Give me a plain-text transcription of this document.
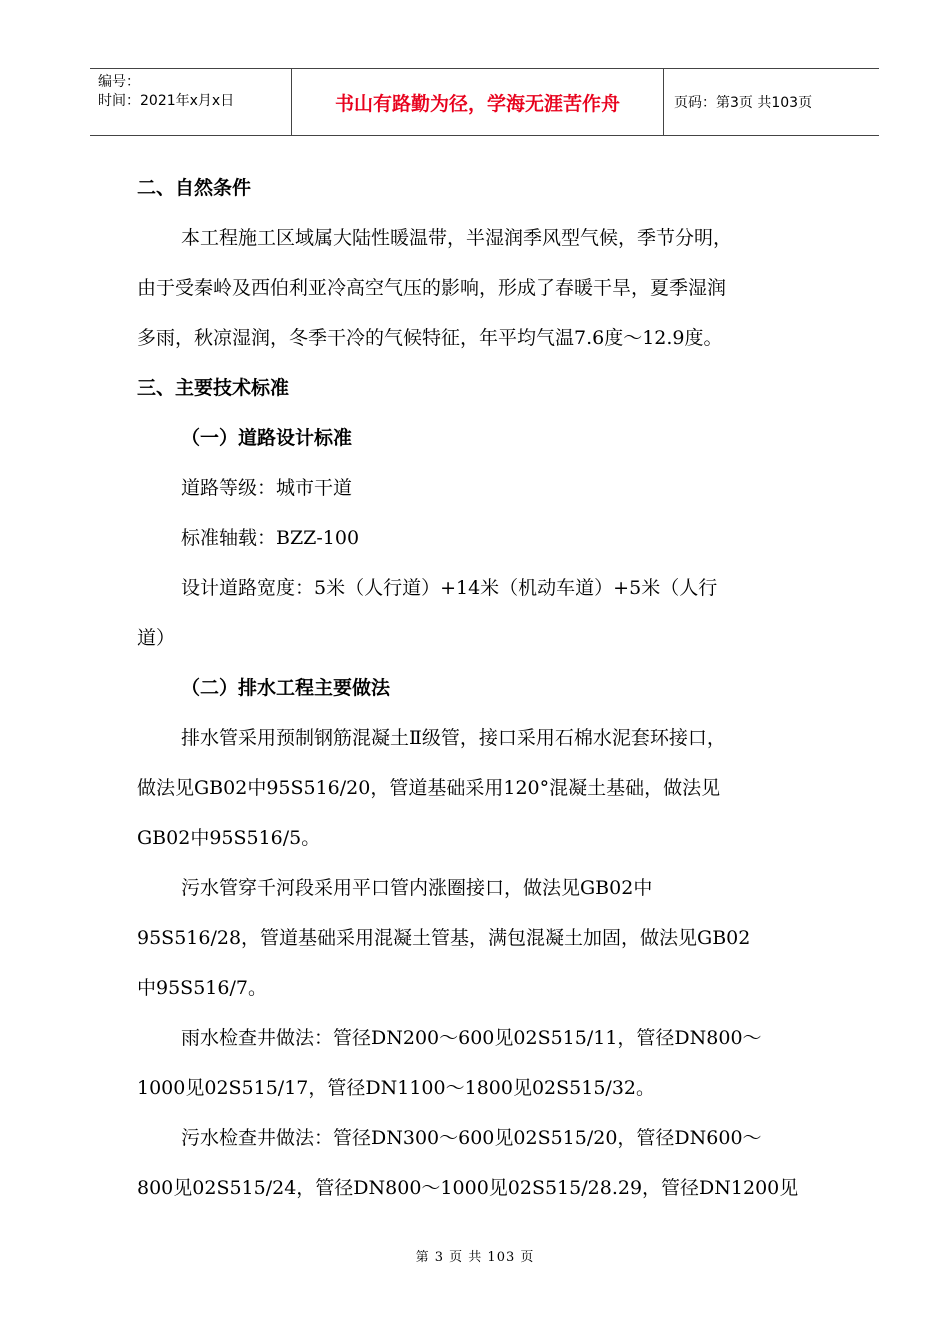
编号：
时间：2021年x月x日	书山有路勤为径，学海无涯苦作舟	页码：第3页 共103页
二、自然条件
本工程施工区域属大陆性暖温带，半湿润季风型气候，季节分明，
由于受秦岭及西伯利亚冷高空气压的影响，形成了春暖干旱，夏季湿润
多雨，秋凉湿润，冬季干冷的气候特征，年平均气温7.6度～12.9度。
三、主要技术标准
（一）道路设计标准
道路等级：城市干道
标准轴载：BZZ-100
设计道路宽度：5米（人行道）+14米（机动车道）+5米（人行
道）
（二）排水工程主要做法
排水管采用预制钢筋混凝土Ⅱ级管，接口采用石棉水泥套环接口，
做法见GB02中95S516/20，管道基础采用120°混凝土基础，做法见
GB02中95S516/5。
污水管穿千河段采用平口管内涨圈接口，做法见GB02中
95S516/28，管道基础采用混凝土管基，满包混凝土加固，做法见GB02
中95S516/7。
雨水检查井做法：管径DN200～600见02S515/11，管径DN800～
1000见02S515/17，管径DN1100～1800见02S515/32。
污水检查井做法：管径DN300～600见02S515/20，管径DN600～
800见02S515/24，管径DN800～1000见02S515/28.29，管径DN1200见
第 3 页 共 103 页
